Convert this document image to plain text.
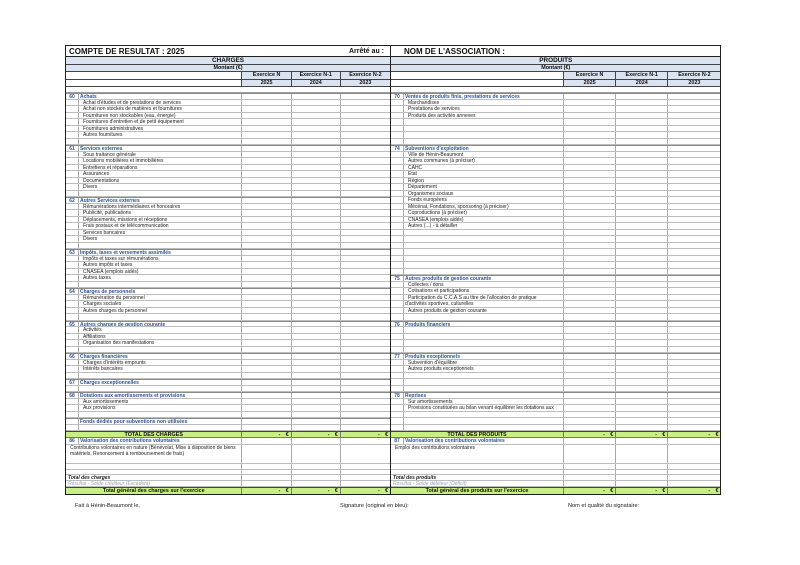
COMPTE DE RESULTAT : 2025	Arrêté au :	NOM DE L'ASSOCIATION :
CHARGES
Montant (€)
Exercice N	Exercice N-1	Exercice N-2
2025	2024	2023
60	Achats
Achat d'études et de prestations de services
Achat non stockés de matières et fournitures
Fournitures non stockables (eau, énergie)
Fournitures d'entretien et de petit équipement
Fournitures administratives
Autres fournitures
61	Services externes
Sous traitance générale
Locations mobilières et immobilières
Entretiens et réparations
Assurances
Documentations
Divers
62	Autres Services externes
Rémunérations intermédiaires et honoraires
Publicité, publications
Déplacements, missions et réceptions
Frais postaux et de télécommunication
Services bancaires
Divers
63	Impôts, taxes et versements assimilés
Impôts et taxes sur rémunérations
Autres impôts et taxes
CNASEA (emplois aidés)
Autres taxes
64	Charges de personnels
Rémunération du personnel
Charges sociales
Autres charges du personnel
65	Autres charges de gestion courante
Activités
Affiliations
Organisation des manifestations
66	Charges financières
Charges d'intérêts emprunts
Intérêts bancaires
67	Charges exceptionnelles
68	Dotations aux amortissements et provisions
Aux amortissements
Aux provisions
Fonds dédiés pour subventions non utilisées
TOTAL DES CHARGES	- €	- €	- €
86	Valorisation des contributions voluntaires
Contributions volontaires en nature (Bénévolat, Mise à disposition de biens matériels, Renoncement à remboursement de frais)
Total des charges
Résultat - Solde créditeur (Excédent)
Total général des charges sur l'exercice	- €	- €	- €
PRODUITS
Montant (€)
Exercice N	Exercice N-1	Exercice N-2
2025	2024	2023
70	Ventes de produits finis, prestations de services
Marchandises
Prestations de services
Produits des activités annexes
74	Subventions d'exploitation
Ville de Hénin-Beaumont
Autres communes (à préciser)
CAHC
État
Région
Département
Organismes sociaux
Fonds européens
Mécénat, Fondations, sponsoring (à préciser)
Coproductions (à préciser)
CNASEA (emplois aidés)
Autres (...) - à détailler
75	Autres produits de gestion courante
Collectes / dons
Cotisations et participations
Participation du C.C.A.S au titre de l'allocation de pratique
d'activités sportives, culturelles
Autres produits de gestion courante
76	Produits financiers
77	Produits exceptionnels
Subvention d'équilibre
Autres produits exceptionnels
78	Reprises
Sur amortissements
Provisions constituées au bilan venant équilibrer les dotations aux
TOTAL DES PRODUITS	- €	- €	- €
87	Valorisation des contributions volontaires
Emploi des contributions volontaires
Total des produits
Résultat - Solde débiteur (Déficit)
Total général des produits sur l'exercice	- €	- €	- €
Fait à Hénin-Beaumont le,	Signature (original en bleu):	Nom et qualité du signataire:
